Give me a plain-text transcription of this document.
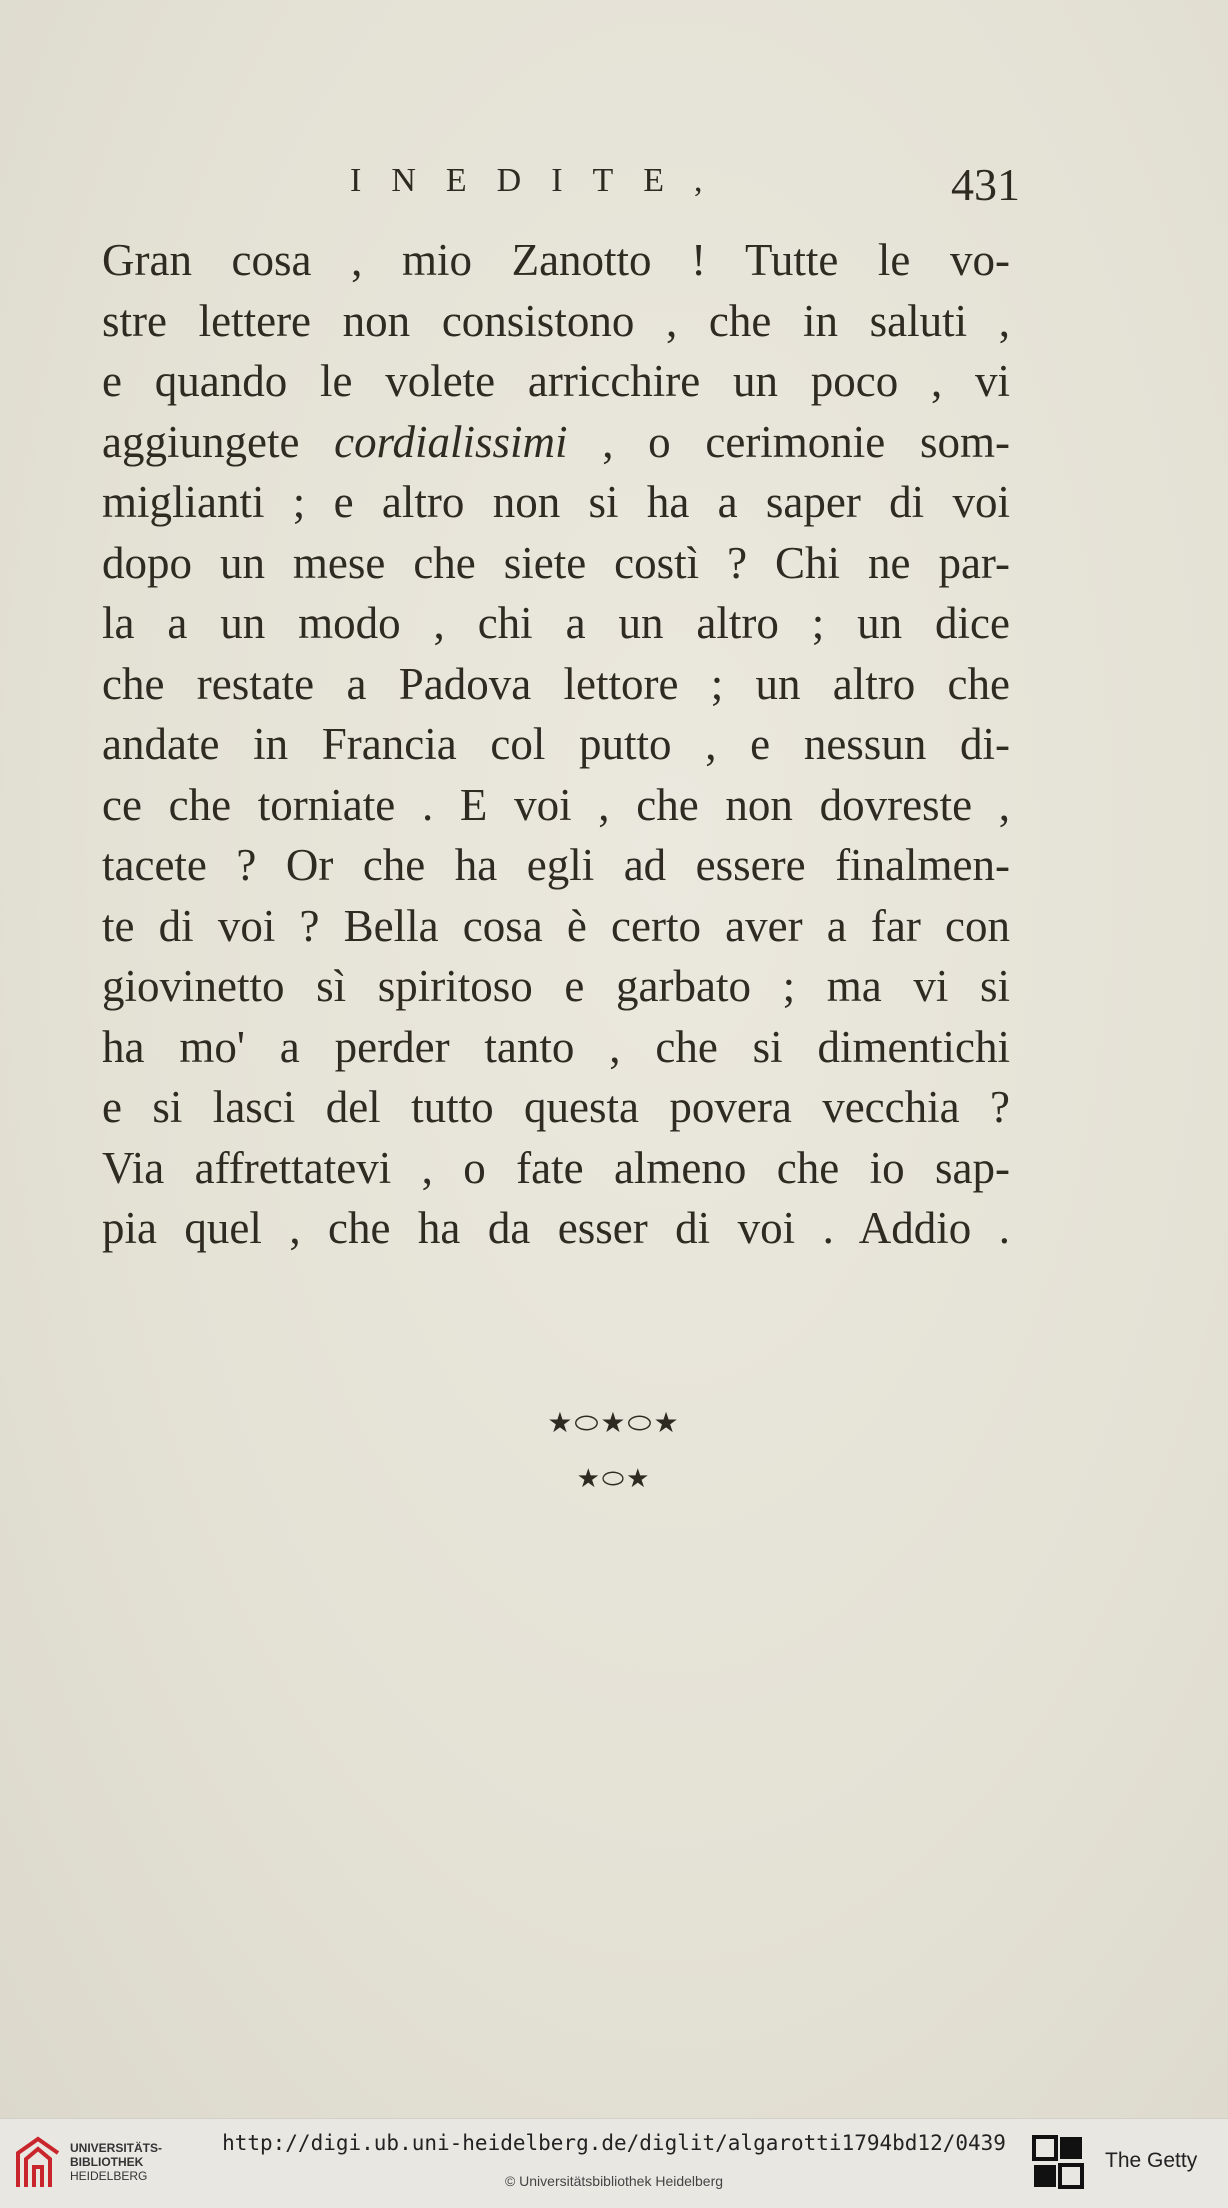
INEDITE,	431
Gran cosa , mio Zanotto ! Tutte le vo-
stre lettere non consistono , che in saluti ,
e quando le volete arricchire un poco , vi
aggiungete cordialissimi , o cerimonie som-
miglianti ; e altro non si ha a saper di voi
dopo un mese che siete costì ? Chi ne par-
la a un modo , chi a un altro ; un dice
che restate a Padova lettore ; un altro che
andate in Francia col putto , e nessun di-
ce che torniate . E voi , che non dovreste ,
tacete ? Or che ha egli ad essere finalmen-
te di voi ? Bella cosa è certo aver a far con
giovinetto sì spiritoso e garbato ; ma vi si
ha mo' a perder tanto , che si dimentichi
e si lasci del tutto questa povera vecchia ?
Via affrettatevi , o fate almeno che io sap-
pia quel , che ha da esser di voi . Addio .
★⬭★⬭★
★⬭★
UNIVERSITÄTS-
BIBLIOTHEK
HEIDELBERG
http://digi.ub.uni-heidelberg.de/diglit/algarotti1794bd12/0439
© Universitätsbibliothek Heidelberg
The Getty
